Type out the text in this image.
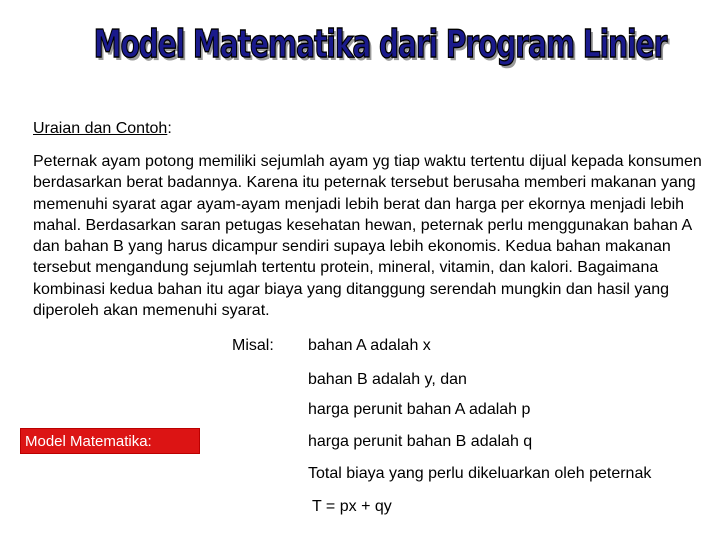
Model Matematika dari Program Linier
Uraian dan Contoh:
Peternak ayam potong memiliki sejumlah ayam yg tiap waktu tertentu dijual kepada konsumen berdasarkan berat badannya. Karena itu peternak tersebut berusaha memberi makanan yang memenuhi syarat agar ayam-ayam menjadi lebih berat dan harga per ekornya menjadi lebih mahal. Berdasarkan saran petugas kesehatan hewan, peternak perlu menggunakan bahan A dan bahan B yang harus dicampur sendiri supaya lebih ekonomis. Kedua bahan makanan tersebut mengandung sejumlah tertentu protein, mineral, vitamin, dan kalori. Bagaimana kombinasi kedua bahan itu agar biaya yang ditanggung serendah mungkin dan hasil yang diperoleh akan memenuhi syarat.
Misal: bahan A adalah x
bahan B adalah y, dan
harga perunit bahan A adalah p
harga perunit bahan B adalah q
Total biaya yang perlu dikeluarkan oleh peternak
T = px + qy
Model Matematika:
